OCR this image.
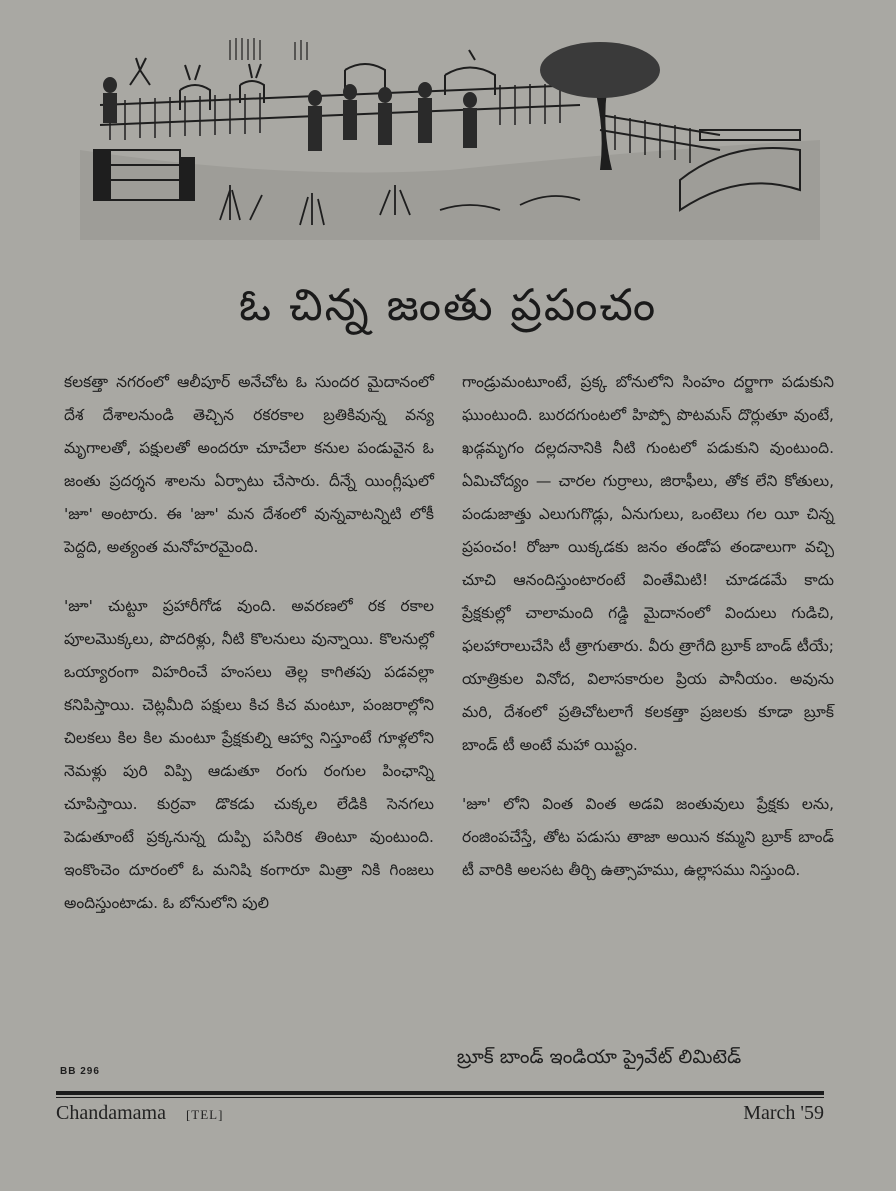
ఓ చిన్న జంతు ప్రపంచం

కలకత్తా నగరంలో ఆలీపూర్ అనేచోట ఓ సుందర మైదానంలో దేశ దేశాలనుండి తెచ్చిన రకరకాల బ్రతికివున్న వన్య మృగాలతో, పక్షులతో అందరూ చూచేలా కనుల పండువైన ఓ జంతు ప్రదర్శన శాలను ఏర్పాటు చేసారు. దీన్నే యింగ్లీషులో 'జూ' అంటారు. ఈ 'జూ' మన దేశంలో వున్నవాటన్నిటి లోకీ పెద్దది, అత్యంత మనోహరమైంది.

'జూ' చుట్టూ ప్రహారీగోడ వుంది. అవరణలో రక రకాల పూలమొక్కలు, పొదరిళ్లు, నీటి కొలనులు వున్నాయి. కొలనుల్లో ఒయ్యారంగా విహరించే హంసలు తెల్ల కాగితపు పడవల్లా కనిపిస్తాయి. చెట్లమీది పక్షులు కిచ కిచ మంటూ, పంజరాల్లోని చిలకలు కిల కిల మంటూ ప్రేక్షకుల్ని ఆహ్వా నిస్తూంటే గూళ్లలోని నెమళ్లు పురి విప్పి ఆడుతూ రంగు రంగుల పింఛాన్ని చూపిస్తాయి. కుర్రవా డొకడు చుక్కల లేడికి సెనగలు పెడుతూంటే ప్రక్కనున్న దుప్పి పసిరిక తింటూ వుంటుంది. ఇంకొంచెం దూరంలో ఓ మనిషి కంగారూ మిత్రా నికి గింజలు అందిస్తుంటాడు. ఓ బోనులోని పులి

గాండ్రుమంటూంటే, ప్రక్క బోనులోని సింహం దర్జాగా పడుకుని ఘుంటుంది. బురదగుంటలో హిప్పో పొటమస్ దొర్లుతూ వుంటే, ఖడ్గమృగం దల్లదనానికి నీటి గుంటలో పడుకుని వుంటుంది. ఏమిచోద్యం — చారల గుర్రాలు, జిరాఫీలు, తోక లేని కోతులు, పండుజాత్తు ఎలుగుగొడ్లు, ఏనుగులు, ఒంటెలు గల యీ చిన్న ప్రపంచం! రోజూ యిక్కడకు జనం తండోప తండాలుగా వచ్చి చూచి ఆనందిస్తుంటారంటే వింతేమిటి! చూడడమే కాదు ప్రేక్షకుల్లో చాలామంది గడ్డి మైదానంలో విందులు గుడిచి, ఫలహారాలుచేసి టీ త్రాగుతారు. వీరు త్రాగేది బ్రూక్ బాండ్ టీయే; యాత్రికుల వినోద, విలాసకారుల ప్రియ పానీయం. అవును మరి, దేశంలో ప్రతిచోటలాగే కలకత్తా ప్రజలకు కూడా బ్రూక్ బాండ్ టీ అంటే మహా యిష్టం.

'జూ' లోని వింత వింత అడవి జంతువులు ప్రేక్షకు లను, రంజింపచేస్తే, తోట పడుసు తాజా అయిన కమ్మని బ్రూక్ బాండ్ టీ వారికి అలసట తీర్చి ఉత్సాహము, ఉల్లాసము నిస్తుంది.

BB 296
బ్రూక్ బాండ్ ఇండియా ప్రైవేట్ లిమిటెడ్
Chandamama [TEL]	March '59
